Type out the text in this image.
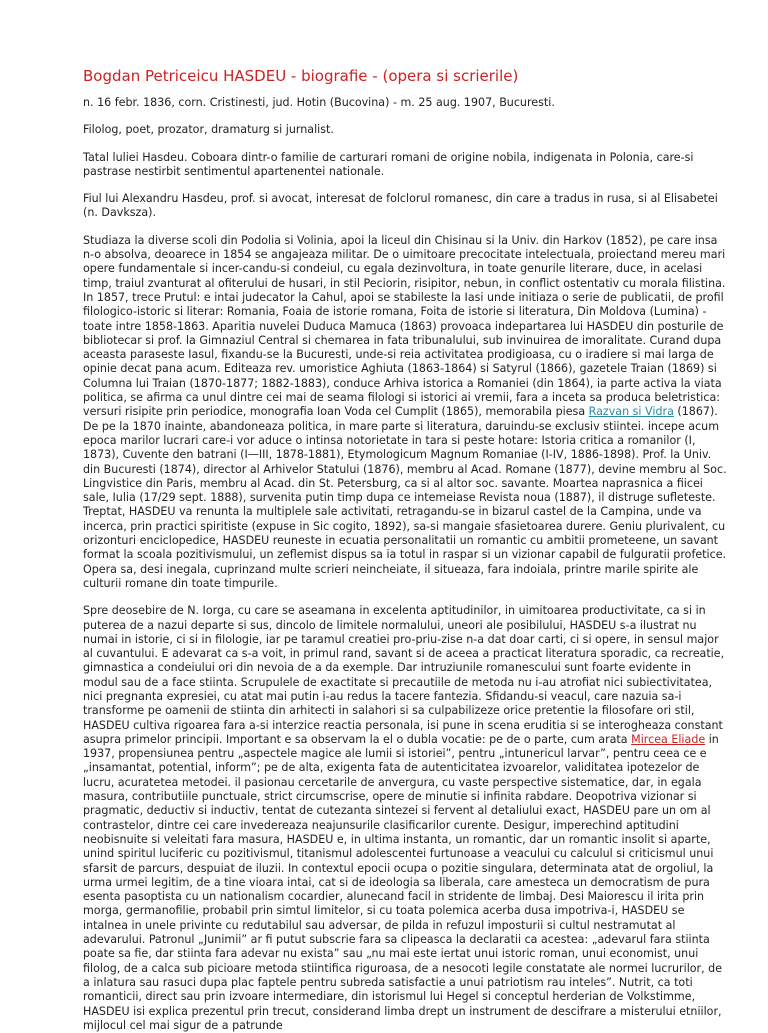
Bogdan Petriceicu HASDEU - biografie - (opera si scrierile)

n. 16 febr. 1836, corn. Cristinesti, jud. Hotin (Bucovina) - m. 25 aug. 1907, Bucuresti.

Filolog, poet, prozator, dramaturg si jurnalist.

Tatal luliei Hasdeu. Coboara dintr-o familie de carturari romani de origine nobila, indigenata in Polonia, care-si pastrase nestirbit sentimentul apartenentei nationale.

Fiul lui Alexandru Hasdeu, prof. si avocat, interesat de folclorul romanesc, din care a tradus in rusa, si al Elisabetei (n. Davksza).

Studiaza la diverse scoli din Podolia si Volinia, apoi la liceul din Chisinau si la Univ. din Harkov (1852), pe care insa n-o absolva, deoarece in 1854 se angajeaza militar. De o uimitoare precocitate intelectuala, proiectand mereu mari opere fundamentale si incer-candu-si condeiul, cu egala dezinvoltura, in toate genurile literare, duce, in acelasi timp, traiul zvanturat al ofiterului de husari, in stil Peciorin, risipitor, nebun, in conflict ostentativ cu morala filistina. In 1857, trece Prutul: e intai judecator la Cahul, apoi se stabileste la Iasi unde initiaza o serie de publicatii, de profil filologico-istoric si literar: Romania, Foaia de istorie romana, Foita de istorie si literatura, Din Moldova (Lumina) - toate intre 1858-1863. Aparitia nuvelei Duduca Mamuca (1863) provoaca indepartarea lui HASDEU din posturile de bibliotecar si prof. la Gimnaziul Central si chemarea in fata tribunalului, sub invinuirea de imoralitate. Curand dupa aceasta paraseste Iasul, fixandu-se la Bucuresti, unde-si reia activitatea prodigioasa, cu o iradiere si mai larga de opinie decat pana acum. Editeaza rev. umoristice Aghiuta (1863-1864) si Satyrul (1866), gazetele Traian (1869) si Columna lui Traian (1870-1877; 1882-1883), conduce Arhiva istorica a Romaniei (din 1864), ia parte activa la viata politica, se afirma ca unul dintre cei mai de seama filologi si istorici ai vremii, fara a inceta sa produca beletristica: versuri risipite prin periodice, monografia Ioan Voda cel Cumplit (1865), memorabila piesa Razvan si Vidra (1867). De pe la 1870 inainte, abandoneaza politica, in mare parte si literatura, daruindu-se exclusiv stiintei. incepe acum epoca marilor lucrari care-i vor aduce o intinsa notorietate in tara si peste hotare: Istoria critica a romanilor (I, 1873), Cuvente den batrani (I—III, 1878-1881), Etymologicum Magnum Romaniae (I-IV, 1886-1898). Prof. la Univ. din Bucuresti (1874), director al Arhivelor Statului (1876), membru al Acad. Romane (1877), devine membru al Soc. Lingvistice din Paris, membru al Acad. din St. Petersburg, ca si al altor soc. savante. Moartea naprasnica a fiicei sale, Iulia (17/29 sept. 1888), survenita putin timp dupa ce intemeiase Revista noua (1887), il distruge sufleteste. Treptat, HASDEU va renunta la multiplele sale activitati, retragandu-se in bizarul castel de la Campina, unde va incerca, prin practici spiritiste (expuse in Sic cogito, 1892), sa-si mangaie sfasietoarea durere. Geniu plurivalent, cu orizonturi enciclopedice, HASDEU reuneste in ecuatia personalitatii un romantic cu ambitii prometeene, un savant format la scoala pozitivismului, un zeflemist dispus sa ia totul in raspar si un vizionar capabil de fulguratii profetice. Opera sa, desi inegala, cuprinzand multe scrieri neincheiate, il situeaza, fara indoiala, printre marile spirite ale culturii romane din toate timpurile.

Spre deosebire de N. Iorga, cu care se aseamana in excelenta aptitudinilor, in uimitoarea productivitate, ca si in puterea de a nazui departe si sus, dincolo de limitele normalului, uneori ale posibilului, HASDEU s-a ilustrat nu numai in istorie, ci si in filologie, iar pe taramul creatiei pro-priu-zise n-a dat doar carti, ci si opere, in sensul major al cuvantului. E adevarat ca s-a voit, in primul rand, savant si de aceea a practicat literatura sporadic, ca recreatie, gimnastica a condeiului ori din nevoia de a da exemple. Dar intruziunile romanescului sunt foarte evidente in modul sau de a face stiinta. Scrupulele de exactitate si precautiile de metoda nu i-au atrofiat nici subiectivitatea, nici pregnanta expresiei, cu atat mai putin i-au redus la tacere fantezia. Sfidandu-si veacul, care nazuia sa-i transforme pe oamenii de stiinta din arhitecti in salahori si sa culpabilizeze orice pretentie la filosofare ori stil, HASDEU cultiva rigoarea fara a-si interzice reactia personala, isi pune in scena eruditia si se interogheaza constant asupra primelor principii. Important e sa observam la el o dubla vocatie: pe de o parte, cum arata Mircea Eliade in 1937, propensiunea pentru „aspectele magice ale lumii si istoriei”, pentru „intunericul larvar”, pentru ceea ce e „insamantat, potential, inform”; pe de alta, exigenta fata de autenticitatea izvoarelor, validitatea ipotezelor de lucru, acuratetea metodei. il pasionau cercetarile de anvergura, cu vaste perspective sistematice, dar, in egala masura, contributiile punctuale, strict circumscrise, opere de minutie si infinita rabdare. Deopotriva vizionar si pragmatic, deductiv si inductiv, tentat de cutezanta sintezei si fervent al detaliului exact, HASDEU pare un om al contrastelor, dintre cei care invedereaza neajunsurile clasificarilor curente. Desigur, imperechind aptitudini neobisnuite si veleitati fara masura, HASDEU e, in ultima instanta, un romantic, dar un romantic insolit si aparte, unind spiritul luciferic cu pozitivismul, titanismul adolescentei furtunoase a veacului cu calculul si criticismul unui sfarsit de parcurs, despuiat de iluzii. In contextul epocii ocupa o pozitie singulara, determinata atat de orgoliul, la urma urmei legitim, de a tine vioara intai, cat si de ideologia sa liberala, care amesteca un democratism de pura esenta pasoptista cu un nationalism cocardier, alunecand facil in stridente de limbaj. Desi Maiorescu il irita prin morga, germanofilie, probabil prin simtul limitelor, si cu toata polemica acerba dusa impotriva-i, HASDEU se intalnea in unele privinte cu redutabilul sau adversar, de pilda in refuzul imposturii si cultul nestramutat al adevarului. Patronul „Junimii” ar fi putut subscrie fara sa clipeasca la declaratii ca acestea: „adevarul fara stiinta poate sa fie, dar stiinta fara adevar nu exista” sau „nu mai este iertat unui istoric roman, unui economist, unui filolog, de a calca sub picioare metoda stiintifica riguroasa, de a nesocoti legile constatate ale normei lucrurilor, de a inlatura sau rasuci dupa plac faptele pentru subreda satisfactie a unui patriotism rau inteles”. Nutrit, ca toti romanticii, direct sau prin izvoare intermediare, din istorismul lui Hegel si conceptul herderian de Volkstimme, HASDEU isi explica prezentul prin trecut, considerand limba drept un instrument de descifrare a misterului etniilor, mijlocul cel mai sigur de a patrunde
